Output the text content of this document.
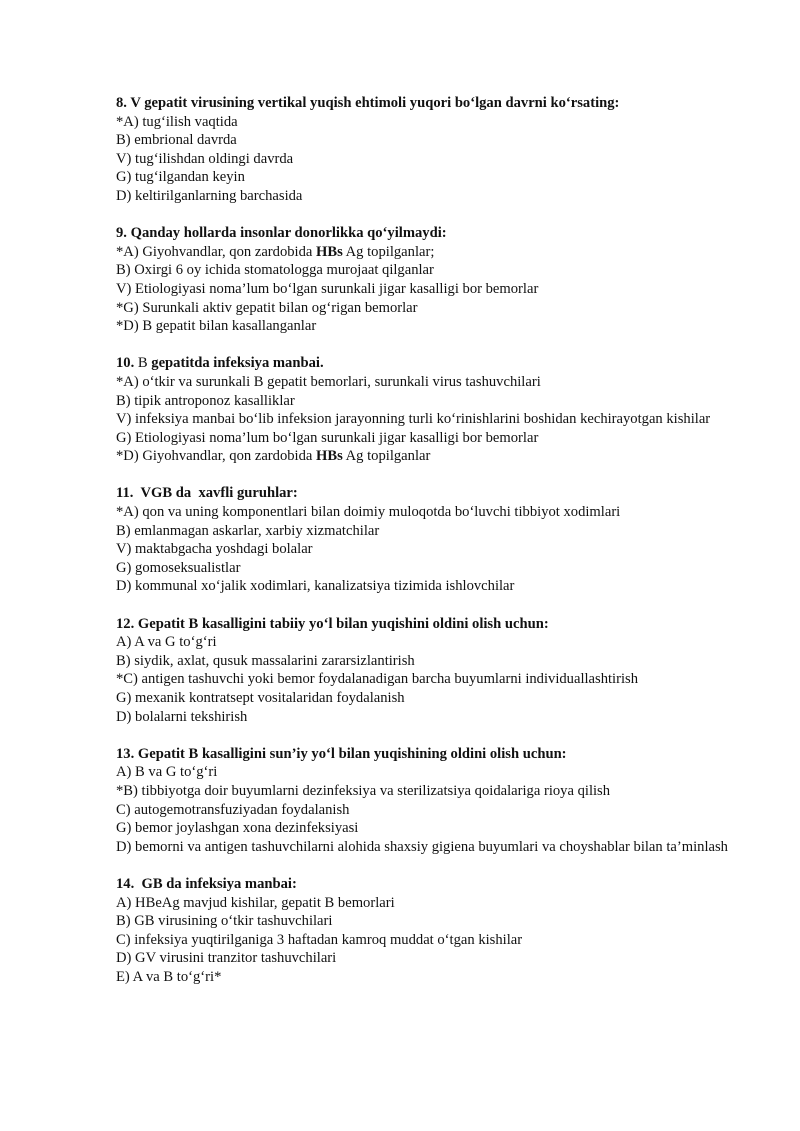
8. V gepatit virusining vertikal yuqish ehtimoli yuqori bo‘lgan davrni ko‘rsating:
*A) tug‘ilish vaqtida
B) embrional davrda
V) tug‘ilishdan oldingi davrda
G) tug‘ilgandan keyin
D) keltirilganlarning barchasida
9. Qanday hollarda insonlar donorlikka qo‘yilmaydi:
*A) Giyohvandlar, qon zardobida HBs Ag topilganlar;
B) Oxirgi 6 oy ichida stomatologga murojaat qilganlar
V) Etiologiyasi noma’lum bo‘lgan surunkali jigar kasalligi bor bemorlar
*G) Surunkali aktiv gepatit bilan og‘rigan bemorlar
*D) B gepatit bilan kasallanganlar
10. B gepatitda infeksiya manbai.
*A) o‘tkir va surunkali B gepatit bemorlari, surunkali virus tashuvchilari
B) tipik antroponoz kasalliklar
V) infeksiya manbai bo‘lib infeksion jarayonning turli ko‘rinishlarini boshidan kechirayotgan kishilar
G) Etiologiyasi noma’lum bo‘lgan surunkali jigar kasalligi bor bemorlar
*D) Giyohvandlar, qon zardobida HBs Ag topilganlar
11.  VGB da  xavfli guruhlar:
*A) qon va uning komponentlari bilan doimiy muloqotda bo‘luvchi tibbiyot xodimlari
B) emlanmagan askarlar, xarbiy xizmatchilar
V) maktabgacha yoshdagi bolalar
G) gomoseksualistlar
D) kommunal xo‘jalik xodimlari, kanalizatsiya tizimida ishlovchilar
12. Gepatit B kasalligini tabiiy yo‘l bilan yuqishini oldini olish uchun:
A) A va G to‘g‘ri
B) siydik, axlat, qusuk massalarini zararsizlantirish
*C) antigen tashuvchi yoki bemor foydalanadigan barcha buyumlarni individuallashtirish
G) mexanik kontratsept vositalaridan foydalanish
D) bolalarni tekshirish
13. Gepatit B kasalligini sun’iy yo‘l bilan yuqishining oldini olish uchun:
A) B va G to‘g‘ri
*B) tibbiyotga doir buyumlarni dezinfeksiya va sterilizatsiya qoidalariga rioya qilish
C) autogemotransfuziyadan foydalanish
G) bemor joylashgan xona dezinfeksiyasi
D) bemorni va antigen tashuvchilarni alohida shaxsiy gigiena buyumlari va choyshablar bilan ta’minlash
14.  GB da infeksiya manbai:
A) HBeAg mavjud kishilar, gepatit B bemorlari
B) GB virusining o‘tkir tashuvchilari
C) infeksiya yuqtirilganiga 3 haftadan kamroq muddat o‘tgan kishilar
D) GV virusini tranzitor tashuvchilari
E) A va B to‘g‘ri*
